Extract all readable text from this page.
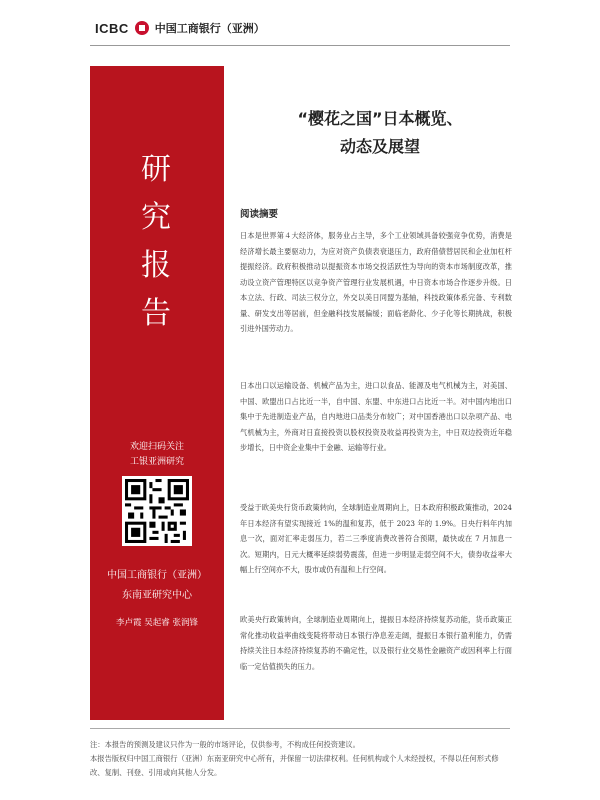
ICBC 中国工商银行（亚洲）
研
究
报
告
欢迎扫码关注
工银亚洲研究
中国工商银行（亚洲）
东南亚研究中心
李卢霞 吴起睿 张润锋
“樱花之国”日本概览、
动态及展望
阅读摘要
日本是世界第４大经济体，服务业占主导，多个工业领域具备较强竞争优势，消费是经济增长最主要驱动力，为应对资产负债表衰退压力，政府借债替居民和企业加杠杆提振经济。政府积极推动以提振资本市场交投活跃性为导向的资本市场制度改革，推动设立资产管理特区以竞争资产管理行业发展机遇，中日资本市场合作逐步升级。日本立法、行政、司法三权分立，外交以美日同盟为基轴，科技政策体系完备、专利数量、研发支出等居前，但金融科技发展偏缓；面临老龄化、少子化等长期挑战，积极引进外国劳动力。
日本出口以运输设备、机械产品为主，进口以食品、能源及电气机械为主，对美国、中国、欧盟出口占比近一半，自中国、东盟、中东进口占比近一半。对中国内地出口集中于先进制造业产品，自内地进口品类分布较广；对中国香港出口以杂项产品、电气机械为主，外商对日直接投资以股权投资及收益再投资为主，中日双边投资近年稳步增长，日中资企业集中于金融、运输等行业。
受益于欧美央行货币政策转向，全球制造业周期向上，日本政府积极政策推动，2024 年日本经济有望实现接近 1%的温和复苏，低于 2023 年的 1.9%。日央行料年内加息一次，面对汇率走弱压力，若二三季度消费改善符合预期，最快或在 7 月加息一次。短期内，日元大概率延续弱势震荡，但进一步明显走弱空间不大，债券收益率大幅上行空间亦不大，股市或仍有温和上行空间。
欧美央行政策转向，全球制造业周期向上，提振日本经济持续复苏动能，货币政策正常化推动收益率曲线变陡将带动日本银行净息差走阔，提振日本银行盈利能力，仍需持续关注日本经济持续复苏的不确定性，以及银行业交易性金融资产或因利率上行面临一定估值损失的压力。
注：本报告的预测及建议只作为一般的市场评论，仅供参考，不构成任何投资建议。
本报告版权归中国工商银行（亚洲）东南亚研究中心所有，并保留一切法律权利。任何机构或个人未经授权，不得以任何形式修改、复制、刊登、引用或向其他人分发。
